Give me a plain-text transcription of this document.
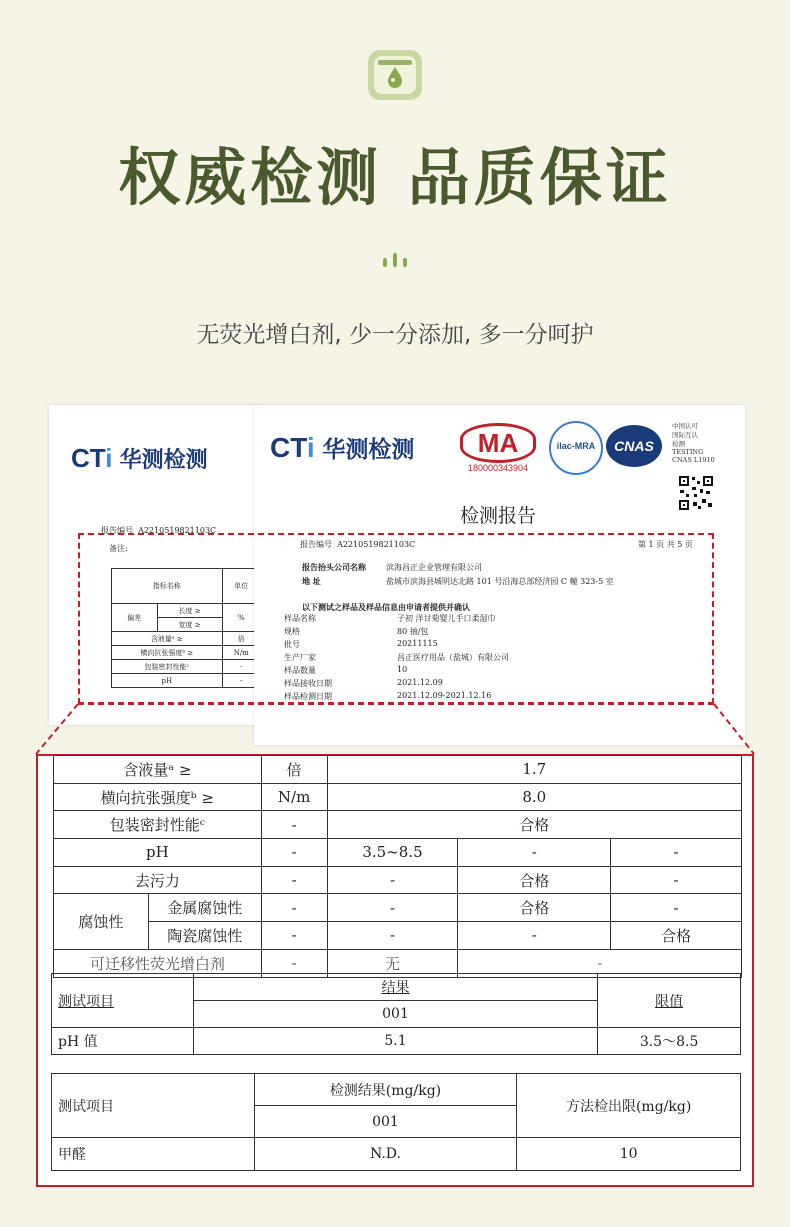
权威检测 品质保证
无荧光增白剂, 少一分添加, 多一分呵护
CTi 华测检测
报告编号 A2210519821103C
备注:
指标名称		单位
偏差	长度 ≥	%
	宽度 ≥	
含液量ᵃ ≥		倍
横向抗张强度ᵇ ≥		N/m
包装密封性能ᶜ		-
pH		-
CTi 华测检测	MA
180000343904
ilac-MRA	CNAS
中国认可
国际互认
检测
TESTING
CNAS L1910
检测报告
报告编号 A2210519821103C	第 1 页 共 5 页
报告抬头公司名称	滨海昌正企业管理有限公司
地 址	盐城市滨海县城明达北路 101 号沿海总部经济园 C 幢 323-5 室
以下测试之样品及样品信息由申请者提供并确认
样品名称	子初 洋甘菊婴儿手口柔湿巾
规格	80 抽/包
批号	20211115
生产厂家	昌正医疗用品（盐城）有限公司
样品数量	10
样品接收日期	2021.12.09
样品检测日期	2021.12.09-2021.12.16
含液量ᵃ ≥		倍	1.7		
横向抗张强度ᵇ ≥		N/m	8.0		
包装密封性能ᶜ		-	合格		
pH		-	3.5~8.5	-	-
去污力		-	-	合格	-
腐蚀性	金属腐蚀性	-	-	合格	-
	陶瓷腐蚀性	-	-	-	合格
可迁移性荧光增白剂		-	无	-	
测试项目	结果	限值
	001	
pH 值	5.1	3.5～8.5
测试项目	检测结果(mg/kg)	方法检出限(mg/kg)
	001	
甲醛	N.D.	10
